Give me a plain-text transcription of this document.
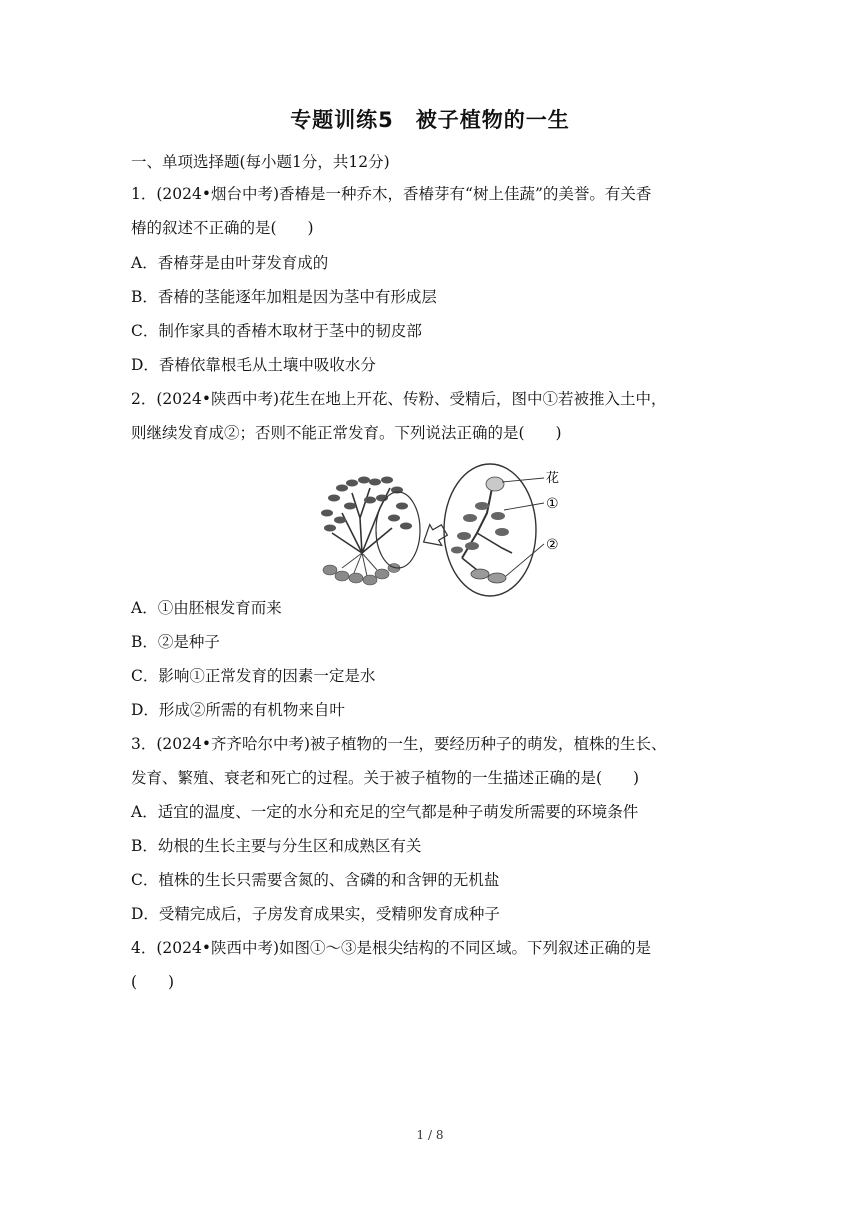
专题训练5　被子植物的一生
一、单项选择题(每小题1分，共12分)
1．(2024•烟台中考)香椿是一种乔木，香椿芽有“树上佳蔬”的美誉。有关香
椿的叙述不正确的是(　　)
A．香椿芽是由叶芽发育成的
B．香椿的茎能逐年加粗是因为茎中有形成层
C．制作家具的香椿木取材于茎中的韧皮部
D．香椿依靠根毛从土壤中吸收水分
2．(2024•陕西中考)花生在地上开花、传粉、受精后，图中①若被推入土中，
则继续发育成②；否则不能正常发育。下列说法正确的是(　　)
花
①
②
A．①由胚根发育而来
B．②是种子
C．影响①正常发育的因素一定是水
D．形成②所需的有机物来自叶
3．(2024•齐齐哈尔中考)被子植物的一生，要经历种子的萌发，植株的生长、
发育、繁殖、衰老和死亡的过程。关于被子植物的一生描述正确的是(　　)
A．适宜的温度、一定的水分和充足的空气都是种子萌发所需要的环境条件
B．幼根的生长主要与分生区和成熟区有关
C．植株的生长只需要含氮的、含磷的和含钾的无机盐
D．受精完成后，子房发育成果实，受精卵发育成种子
4．(2024•陕西中考)如图①～③是根尖结构的不同区域。下列叙述正确的是
(　　)
1 / 8
